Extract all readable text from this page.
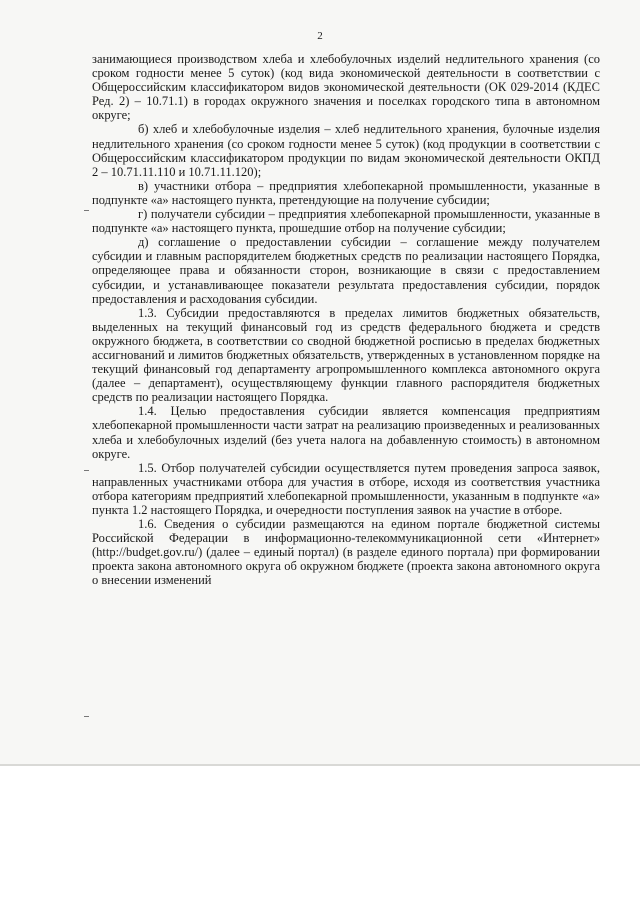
2

занимающиеся производством хлеба и хлебобулочных изделий недлительного хранения (со сроком годности менее 5 суток) (код вида экономической деятельности в соответствии с Общероссийским классификатором видов экономической деятельности (ОК 029-2014 (КДЕС Ред. 2) – 10.71.1) в городах окружного значения и поселках городского типа в автономном округе;

б) хлеб и хлебобулочные изделия – хлеб недлительного хранения, булочные изделия недлительного хранения (со сроком годности менее 5 суток) (код продукции в соответствии с Общероссийским классификатором продукции по видам экономической деятельности ОКПД 2 – 10.71.11.110 и 10.71.11.120);

в) участники отбора – предприятия хлебопекарной промышленности, указанные в подпункте «а» настоящего пункта, претендующие на получение субсидии;

г) получатели субсидии – предприятия хлебопекарной промышленности, указанные в подпункте «а» настоящего пункта, прошедшие отбор на получение субсидии;

д) соглашение о предоставлении субсидии – соглашение между получателем субсидии и главным распорядителем бюджетных средств по реализации настоящего Порядка, определяющее права и обязанности сторон, возникающие в связи с предоставлением субсидии, и устанавливающее показатели результата предоставления субсидии, порядок предоставления и расходования субсидии.

1.3. Субсидии предоставляются в пределах лимитов бюджетных обязательств, выделенных на текущий финансовый год из средств федерального бюджета и средств окружного бюджета, в соответствии со сводной бюджетной росписью в пределах бюджетных ассигнований и лимитов бюджетных обязательств, утвержденных в установленном порядке на текущий финансовый год департаменту агропромышленного комплекса автономного округа (далее – департамент), осуществляющему функции главного распорядителя бюджетных средств по реализации настоящего Порядка.

1.4. Целью предоставления субсидии является компенсация предприятиям хлебопекарной промышленности части затрат на реализацию произведенных и реализованных хлеба и хлебобулочных изделий (без учета налога на добавленную стоимость) в автономном округе.

1.5. Отбор получателей субсидии осуществляется путем проведения запроса заявок, направленных участниками отбора для участия в отборе, исходя из соответствия участника отбора категориям предприятий хлебопекарной промышленности, указанным в подпункте «а» пункта 1.2 настоящего Порядка, и очередности поступления заявок на участие в отборе.

1.6. Сведения о субсидии размещаются на едином портале бюджетной системы Российской Федерации в информационно-телекоммуникационной сети «Интернет» (http://budget.gov.ru/) (далее – единый портал) (в разделе единого портала) при формировании проекта закона автономного округа об окружном бюджете (проекта закона автономного округа о внесении изменений
